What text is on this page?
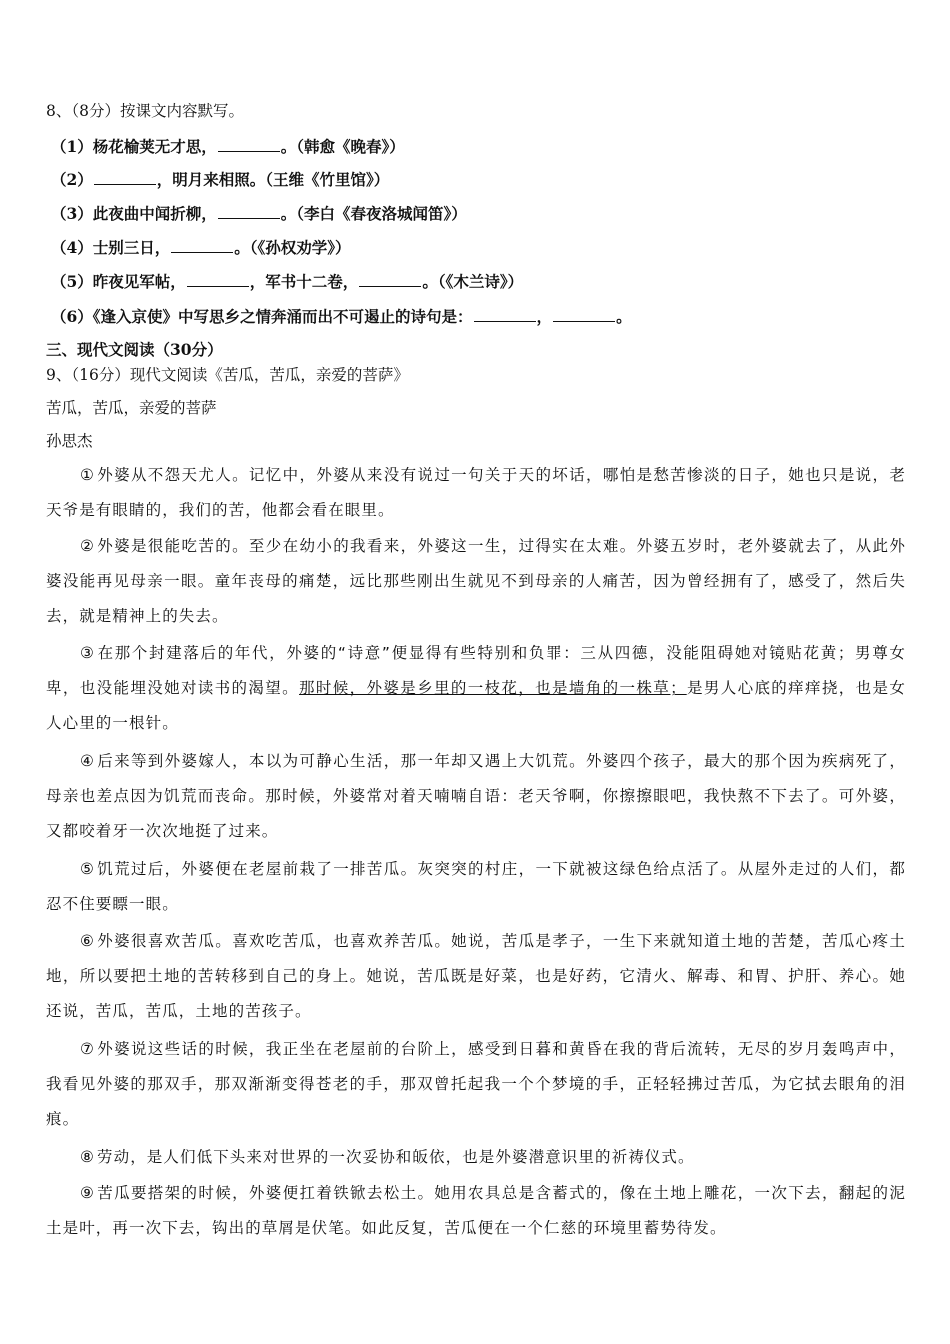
8、（8分）按课文内容默写。
（1）杨花榆荚无才思，	。（韩愈《晚春》）
（2）	，明月来相照。（王维《竹里馆》）
（3）此夜曲中闻折柳，	。（李白《春夜洛城闻笛》）
（4）士别三日，	。（《孙权劝学》）
（5）昨夜见军帖，	，军书十二卷，	。（《木兰诗》）
（6）《逢入京使》中写思乡之情奔涌而出不可遏止的诗句是：	，	。
三、现代文阅读（30分）
9、（16分）现代文阅读《苦瓜，苦瓜，亲爱的菩萨》
苦瓜，苦瓜，亲爱的菩萨
孙思杰
① 外婆从不怨天尤人。记忆中，外婆从来没有说过一句关于天的坏话，哪怕是愁苦惨淡的日子，她也只是说，老天爷是有眼睛的，我们的苦，他都会看在眼里。
② 外婆是很能吃苦的。至少在幼小的我看来，外婆这一生，过得实在太难。外婆五岁时，老外婆就去了，从此外婆没能再见母亲一眼。童年丧母的痛楚，远比那些刚出生就见不到母亲的人痛苦，因为曾经拥有了，感受了，然后失去，就是精神上的失去。
③ 在那个封建落后的年代，外婆的“诗意”便显得有些特别和负罪：三从四德，没能阻碍她对镜贴花黄；男尊女卑，也没能埋没她对读书的渴望。那时候，外婆是乡里的一枝花，也是墙角的一株草；是男人心底的痒痒挠，也是女人心里的一根针。
④ 后来等到外婆嫁人，本以为可静心生活，那一年却又遇上大饥荒。外婆四个孩子，最大的那个因为疾病死了，母亲也差点因为饥荒而丧命。那时候，外婆常对着天喃喃自语：老天爷啊，你擦擦眼吧，我快熬不下去了。可外婆，又都咬着牙一次次地挺了过来。
⑤ 饥荒过后，外婆便在老屋前栽了一排苦瓜。灰突突的村庄，一下就被这绿色给点活了。从屋外走过的人们，都忍不住要瞟一眼。
⑥ 外婆很喜欢苦瓜。喜欢吃苦瓜，也喜欢养苦瓜。她说，苦瓜是孝子，一生下来就知道土地的苦楚，苦瓜心疼土地，所以要把土地的苦转移到自己的身上。她说，苦瓜既是好菜，也是好药，它清火、解毒、和胃、护肝、养心。她还说，苦瓜，苦瓜，土地的苦孩子。
⑦ 外婆说这些话的时候，我正坐在老屋前的台阶上，感受到日暮和黄昏在我的背后流转，无尽的岁月轰鸣声中，我看见外婆的那双手，那双渐渐变得苍老的手，那双曾托起我一个个梦境的手，正轻轻拂过苦瓜，为它拭去眼角的泪痕。
⑧ 劳动，是人们低下头来对世界的一次妥协和皈依，也是外婆潜意识里的祈祷仪式。
⑨ 苦瓜要搭架的时候，外婆便扛着铁锨去松土。她用农具总是含蓄式的，像在土地上雕花，一次下去，翻起的泥土是叶，再一次下去，钩出的草屑是伏笔。如此反复，苦瓜便在一个仁慈的环境里蓄势待发。
